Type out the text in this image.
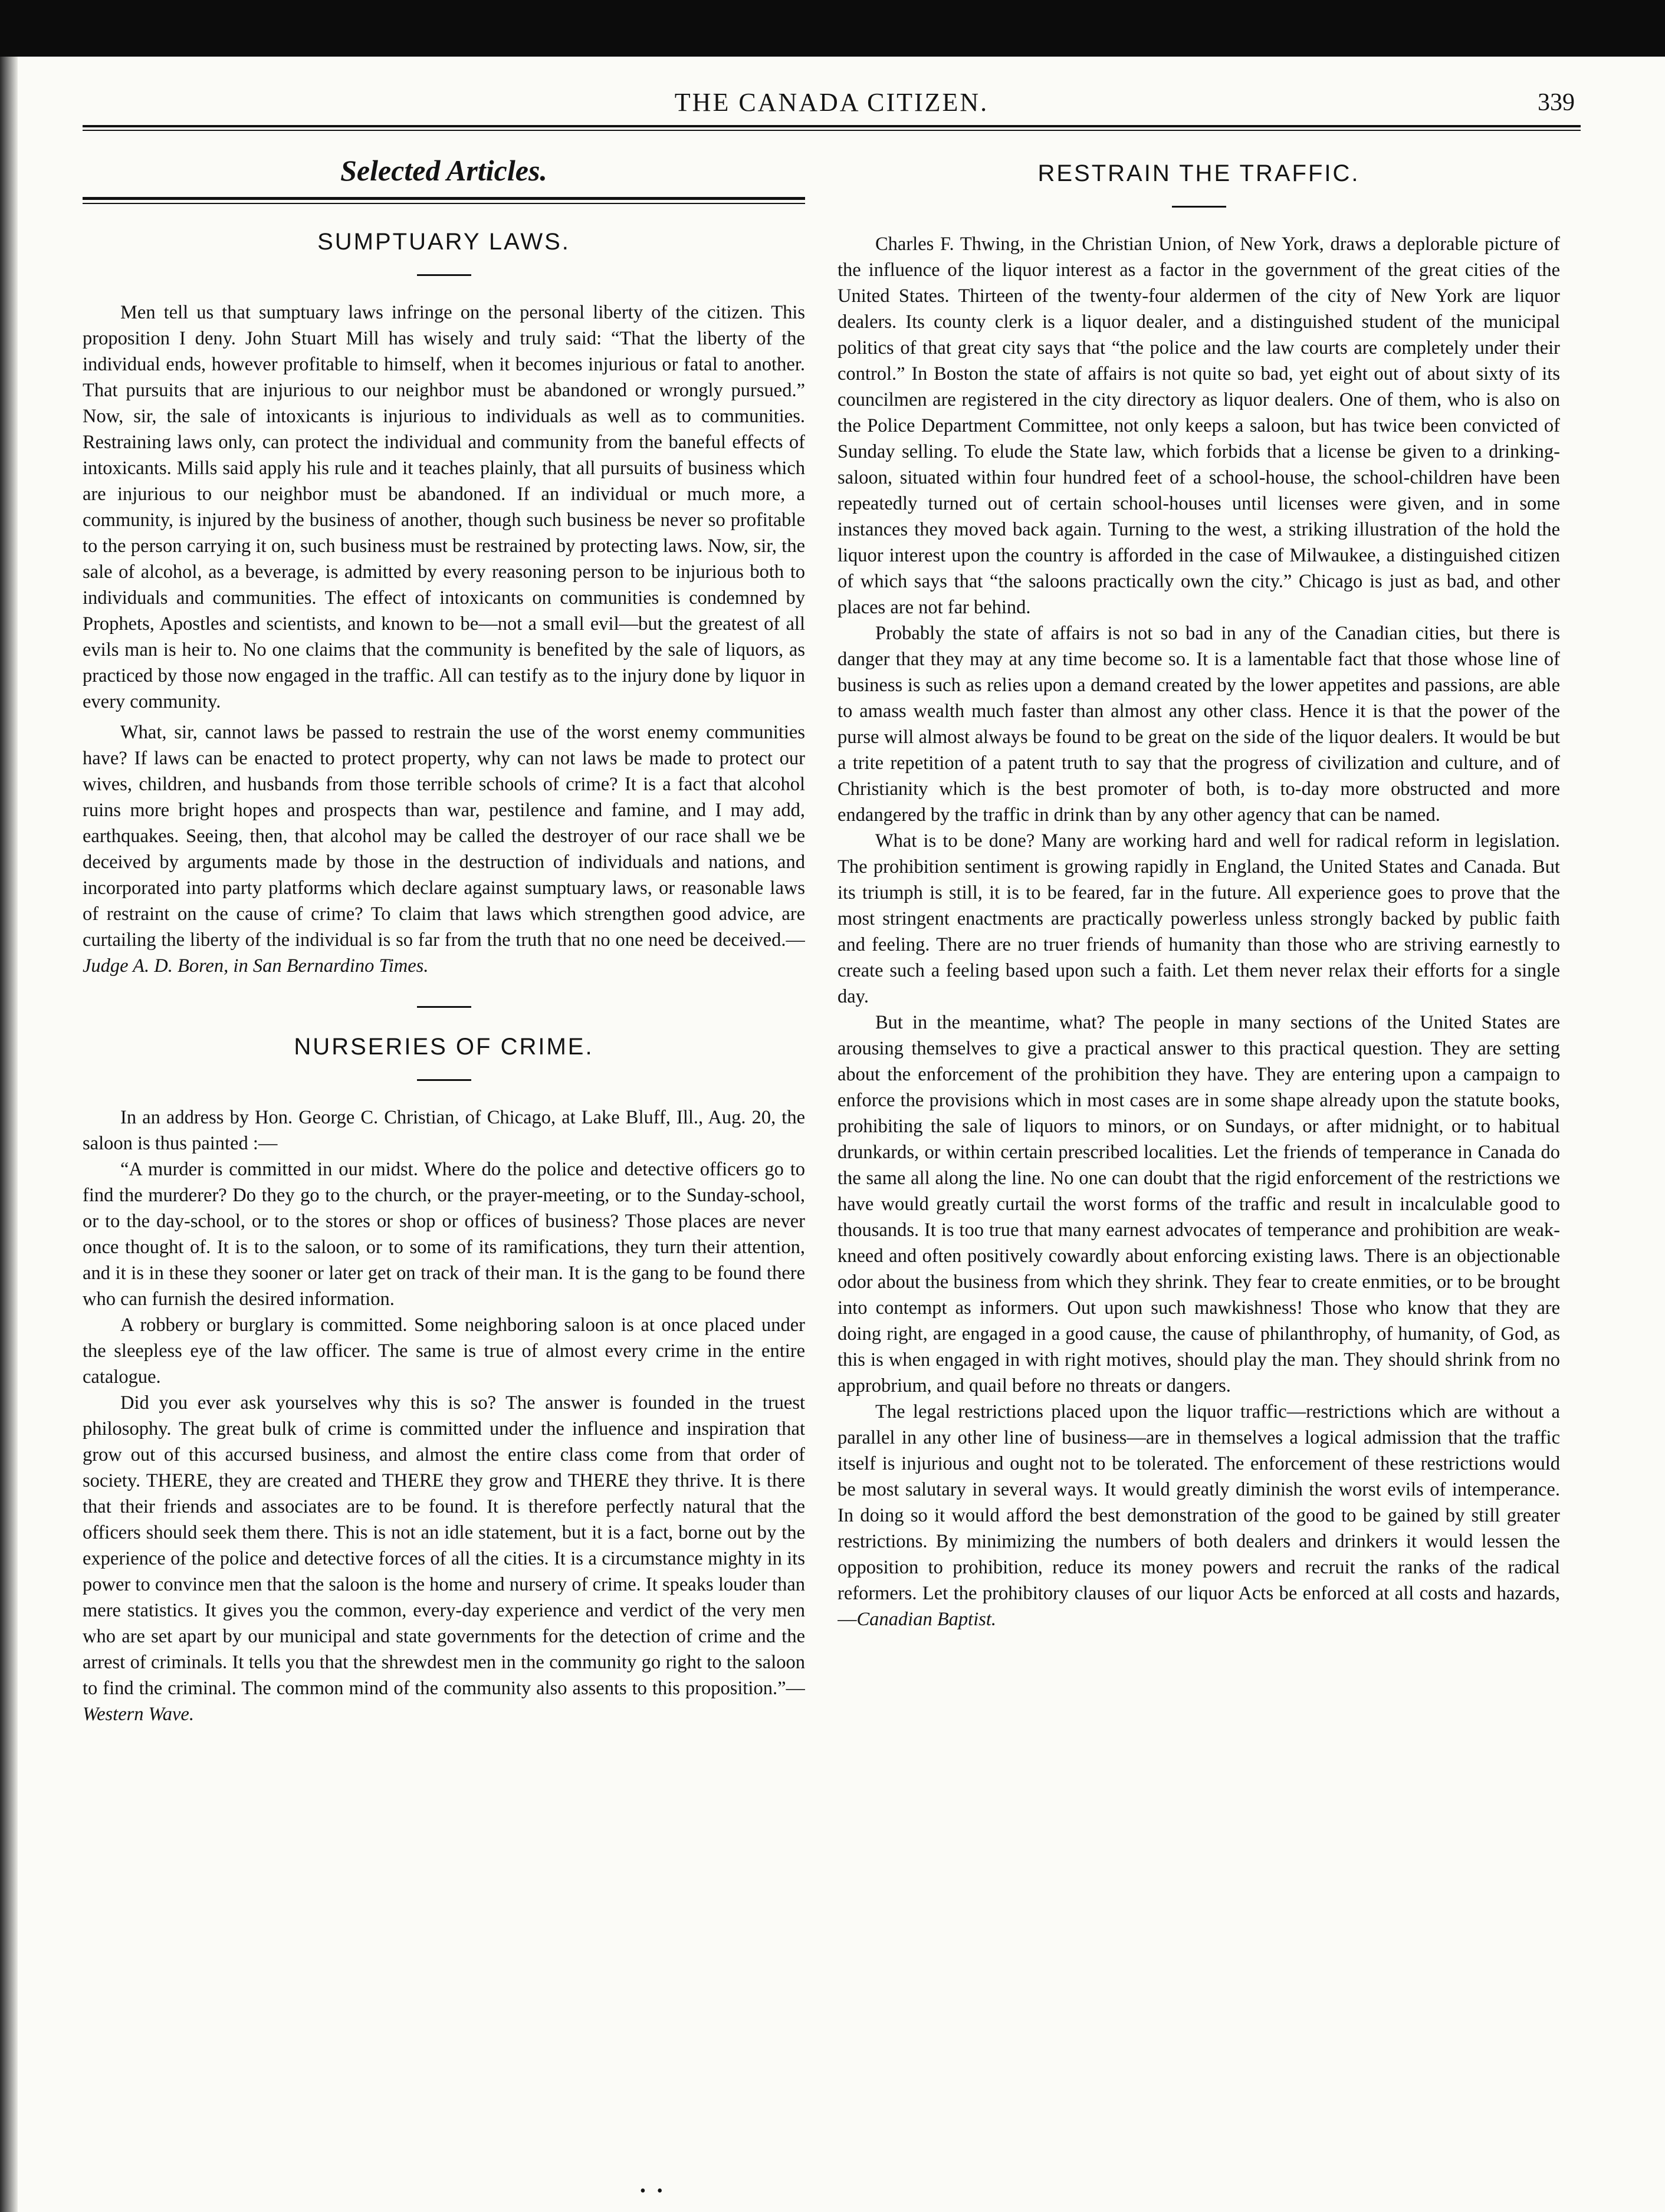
THE CANADA CITIZEN.	339
Selected Articles.
SUMPTUARY LAWS.

Men tell us that sumptuary laws infringe on the personal liberty of the citizen. This proposition I deny. John Stuart Mill has wisely and truly said: “That the liberty of the individual ends, however profitable to himself, when it becomes injurious or fatal to another. That pursuits that are injurious to our neighbor must be abandoned or wrongly pursued.” Now, sir, the sale of intoxicants is injurious to individuals as well as to communities. Restraining laws only, can protect the individual and community from the baneful effects of intoxicants. Mills said apply his rule and it teaches plainly, that all pursuits of business which are injurious to our neighbor must be abandoned. If an individual or much more, a community, is injured by the business of another, though such business be never so profitable to the person carrying it on, such business must be restrained by protecting laws. Now, sir, the sale of alcohol, as a beverage, is admitted by every reasoning person to be injurious both to individuals and communities. The effect of intoxicants on communities is condemned by Prophets, Apostles and scientists, and known to be—not a small evil—but the greatest of all evils man is heir to. No one claims that the community is benefited by the sale of liquors, as practiced by those now engaged in the traffic. All can testify as to the injury done by liquor in every community.

What, sir, cannot laws be passed to restrain the use of the worst enemy communities have? If laws can be enacted to protect property, why can not laws be made to protect our wives, children, and husbands from those terrible schools of crime? It is a fact that alcohol ruins more bright hopes and prospects than war, pestilence and famine, and I may add, earthquakes. Seeing, then, that alcohol may be called the destroyer of our race shall we be deceived by arguments made by those in the destruction of individuals and nations, and incorporated into party platforms which declare against sumptuary laws, or reasonable laws of restraint on the cause of crime? To claim that laws which strengthen good advice, are curtailing the liberty of the individual is so far from the truth that no one need be deceived.— Judge A. D. Boren, in San Bernardino Times.

NURSERIES OF CRIME.

In an address by Hon. George C. Christian, of Chicago, at Lake Bluff, Ill., Aug. 20, the saloon is thus painted :—

“A murder is committed in our midst. Where do the police and detective officers go to find the murderer? Do they go to the church, or the prayer-meeting, or to the Sunday-school, or to the day-school, or to the stores or shop or offices of business? Those places are never once thought of. It is to the saloon, or to some of its ramifications, they turn their attention, and it is in these they sooner or later get on track of their man. It is the gang to be found there who can furnish the desired information.

A robbery or burglary is committed. Some neighboring saloon is at once placed under the sleepless eye of the law officer. The same is true of almost every crime in the entire catalogue.

Did you ever ask yourselves why this is so? The answer is founded in the truest philosophy. The great bulk of crime is committed under the influence and inspiration that grow out of this accursed business, and almost the entire class come from that order of society. THERE, they are created and THERE they grow and THERE they thrive. It is there that their friends and associates are to be found. It is therefore perfectly natural that the officers should seek them there. This is not an idle statement, but it is a fact, borne out by the experience of the police and detective forces of all the cities. It is a circumstance mighty in its power to convince men that the saloon is the home and nursery of crime. It speaks louder than mere statistics. It gives you the common, every-day experience and verdict of the very men who are set apart by our municipal and state governments for the detection of crime and the arrest of criminals. It tells you that the shrewdest men in the community go right to the saloon to find the criminal. The common mind of the community also assents to this proposition.”— Western Wave.

RESTRAIN THE TRAFFIC.

Charles F. Thwing, in the Christian Union, of New York, draws a deplorable picture of the influence of the liquor interest as a factor in the government of the great cities of the United States. Thirteen of the twenty-four aldermen of the city of New York are liquor dealers. Its county clerk is a liquor dealer, and a distinguished student of the municipal politics of that great city says that “the police and the law courts are completely under their control.” In Boston the state of affairs is not quite so bad, yet eight out of about sixty of its councilmen are registered in the city directory as liquor dealers. One of them, who is also on the Police Department Committee, not only keeps a saloon, but has twice been convicted of Sunday selling. To elude the State law, which forbids that a license be given to a drinking-saloon, situated within four hundred feet of a school-house, the school-children have been repeatedly turned out of certain school-houses until licenses were given, and in some instances they moved back again. Turning to the west, a striking illustration of the hold the liquor interest upon the country is afforded in the case of Milwaukee, a distinguished citizen of which says that “the saloons practically own the city.” Chicago is just as bad, and other places are not far behind.

Probably the state of affairs is not so bad in any of the Canadian cities, but there is danger that they may at any time become so. It is a lamentable fact that those whose line of business is such as relies upon a demand created by the lower appetites and passions, are able to amass wealth much faster than almost any other class. Hence it is that the power of the purse will almost always be found to be great on the side of the liquor dealers. It would be but a trite repetition of a patent truth to say that the progress of civilization and culture, and of Christianity which is the best promoter of both, is to-day more obstructed and more endangered by the traffic in drink than by any other agency that can be named.

What is to be done? Many are working hard and well for radical reform in legislation. The prohibition sentiment is growing rapidly in England, the United States and Canada. But its triumph is still, it is to be feared, far in the future. All experience goes to prove that the most stringent enactments are practically powerless unless strongly backed by public faith and feeling. There are no truer friends of humanity than those who are striving earnestly to create such a feeling based upon such a faith. Let them never relax their efforts for a single day.

But in the meantime, what? The people in many sections of the United States are arousing themselves to give a practical answer to this practical question. They are setting about the enforcement of the prohibition they have. They are entering upon a campaign to enforce the provisions which in most cases are in some shape already upon the statute books, prohibiting the sale of liquors to minors, or on Sundays, or after midnight, or to habitual drunkards, or within certain prescribed localities. Let the friends of temperance in Canada do the same all along the line. No one can doubt that the rigid enforcement of the restrictions we have would greatly curtail the worst forms of the traffic and result in incalculable good to thousands. It is too true that many earnest advocates of temperance and prohibition are weak-kneed and often positively cowardly about enforcing existing laws. There is an objectionable odor about the business from which they shrink. They fear to create enmities, or to be brought into contempt as informers. Out upon such mawkishness! Those who know that they are doing right, are engaged in a good cause, the cause of philanthrophy, of humanity, of God, as this is when engaged in with right motives, should play the man. They should shrink from no approbrium, and quail before no threats or dangers.

The legal restrictions placed upon the liquor traffic—restrictions which are without a parallel in any other line of business—are in themselves a logical admission that the traffic itself is injurious and ought not to be tolerated. The enforcement of these restrictions would be most salutary in several ways. It would greatly diminish the worst evils of intemperance. In doing so it would afford the best demonstration of the good to be gained by still greater restrictions. By minimizing the numbers of both dealers and drinkers it would lessen the opposition to prohibition, reduce its money powers and recruit the ranks of the radical reformers. Let the prohibitory clauses of our liquor Acts be enforced at all costs and hazards,—Canadian Baptist.

• •
